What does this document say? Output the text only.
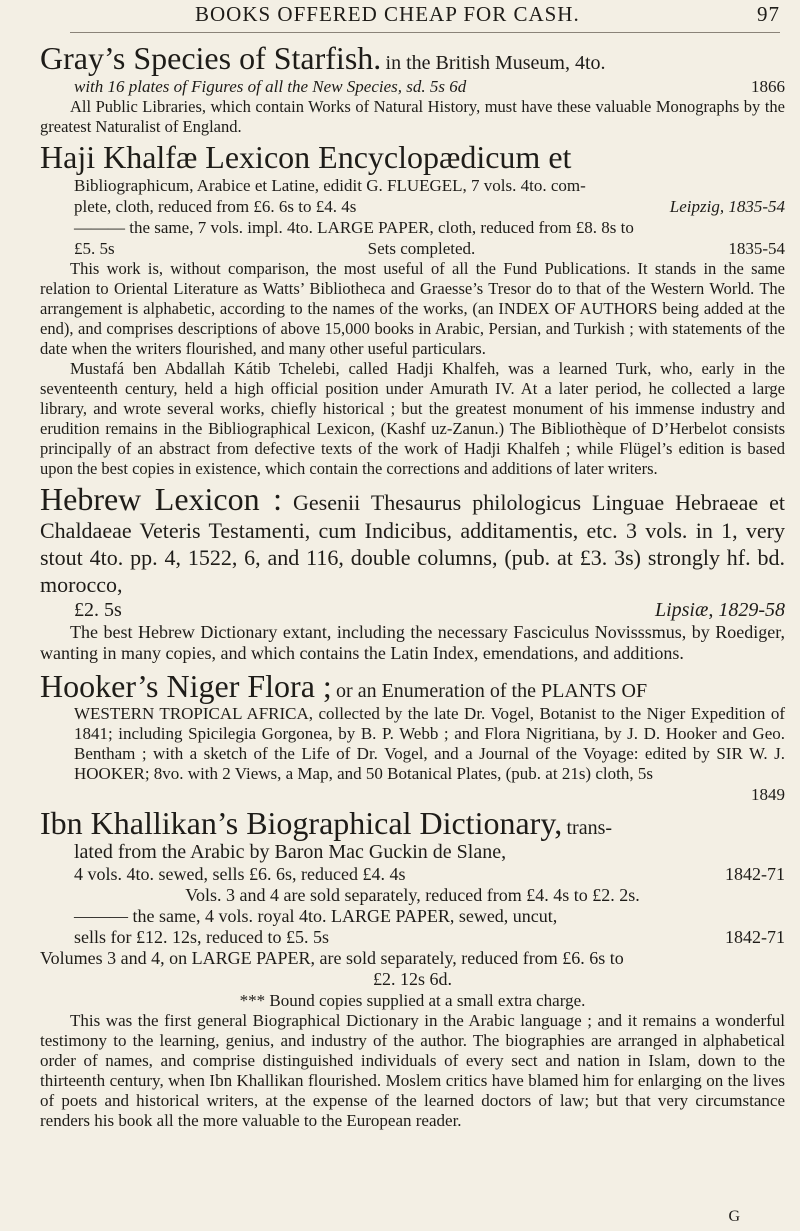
BOOKS OFFERED CHEAP FOR CASH.	97
Gray’s Species of Starfish. in the British Museum, 4to.
with 16 plates of Figures of all the New Species, sd. 5s 6d	1866

All Public Libraries, which contain Works of Natural History, must have these valuable Monographs by the greatest Naturalist of England.

Haji Khalfæ Lexicon Encyclopædicum et
Bibliographicum, Arabice et Latine, edidit G. FLUEGEL, 7 vols. 4to. com-
plete, cloth, reduced from £6. 6s to £4. 4s	Leipzig, 1835-54
——— the same, 7 vols. impl. 4to. LARGE PAPER, cloth, reduced from £8. 8s to
£5. 5s	Sets completed.	1835-54

This work is, without comparison, the most useful of all the Fund Publications. It stands in the same relation to Oriental Literature as Watts’ Bibliotheca and Graesse’s Tresor do to that of the Western World. The arrangement is alphabetic, according to the names of the works, (an INDEX OF AUTHORS being added at the end), and comprises descriptions of above 15,000 books in Arabic, Persian, and Turkish ; with statements of the date when the writers flourished, and many other useful particulars.

Mustafá ben Abdallah Kátib Tchelebi, called Hadji Khalfeh, was a learned Turk, who, early in the seventeenth century, held a high official position under Amurath IV. At a later period, he collected a large library, and wrote several works, chiefly historical ; but the greatest monument of his immense industry and erudition remains in the Bibliographical Lexicon, (Kashf uz-Zanun.) The Bibliothèque of D’Herbelot consists principally of an abstract from defective texts of the work of Hadji Khalfeh ; while Flügel’s edition is based upon the best copies in existence, which contain the corrections and additions of later writers.

Hebrew Lexicon : Gesenii Thesaurus philologicus Linguae Hebraeae et Chaldaeae Veteris Testamenti, cum Indicibus, additamentis, etc. 3 vols. in 1, very stout 4to. pp. 4, 1522, 6, and 116, double columns, (pub. at £3. 3s) strongly hf. bd. morocco,
£2. 5s	Lipsiæ, 1829-58

The best Hebrew Dictionary extant, including the necessary Fasciculus Novisssmus, by Roediger, wanting in many copies, and which contains the Latin Index, emendations, and additions.

Hooker’s Niger Flora ; or an Enumeration of the PLANTS OF
WESTERN TROPICAL AFRICA, collected by the late Dr. Vogel, Botanist to the Niger Expedition of 1841; including Spicilegia Gorgonea, by B. P. Webb ; and Flora Nigritiana, by J. D. Hooker and Geo. Bentham ; with a sketch of the Life of Dr. Vogel, and a Journal of the Voyage: edited by SIR W. J. HOOKER; 8vo. with 2 Views, a Map, and 50 Botanical Plates, (pub. at 21s) cloth, 5s
1849
Ibn Khallikan’s Biographical Dictionary, trans-
lated from the Arabic by Baron Mac Guckin de Slane,
4 vols. 4to. sewed, sells £6. 6s, reduced £4. 4s	1842-71
Vols. 3 and 4 are sold separately, reduced from £4. 4s to £2. 2s.
——— the same, 4 vols. royal 4to. LARGE PAPER, sewed, uncut,
sells for £12. 12s, reduced to £5. 5s	1842-71
Volumes 3 and 4, on LARGE PAPER, are sold separately, reduced from £6. 6s to
£2. 12s 6d.
*** Bound copies supplied at a small extra charge.

This was the first general Biographical Dictionary in the Arabic language ; and it remains a wonderful testimony to the learning, genius, and industry of the author. The biographies are arranged in alphabetical order of names, and comprise distinguished individuals of every sect and nation in Islam, down to the thirteenth century, when Ibn Khallikan flourished. Moslem critics have blamed him for enlarging on the lives of poets and historical writers, at the expense of the learned doctors of law; but that very circumstance renders his book all the more valuable to the European reader.

G
